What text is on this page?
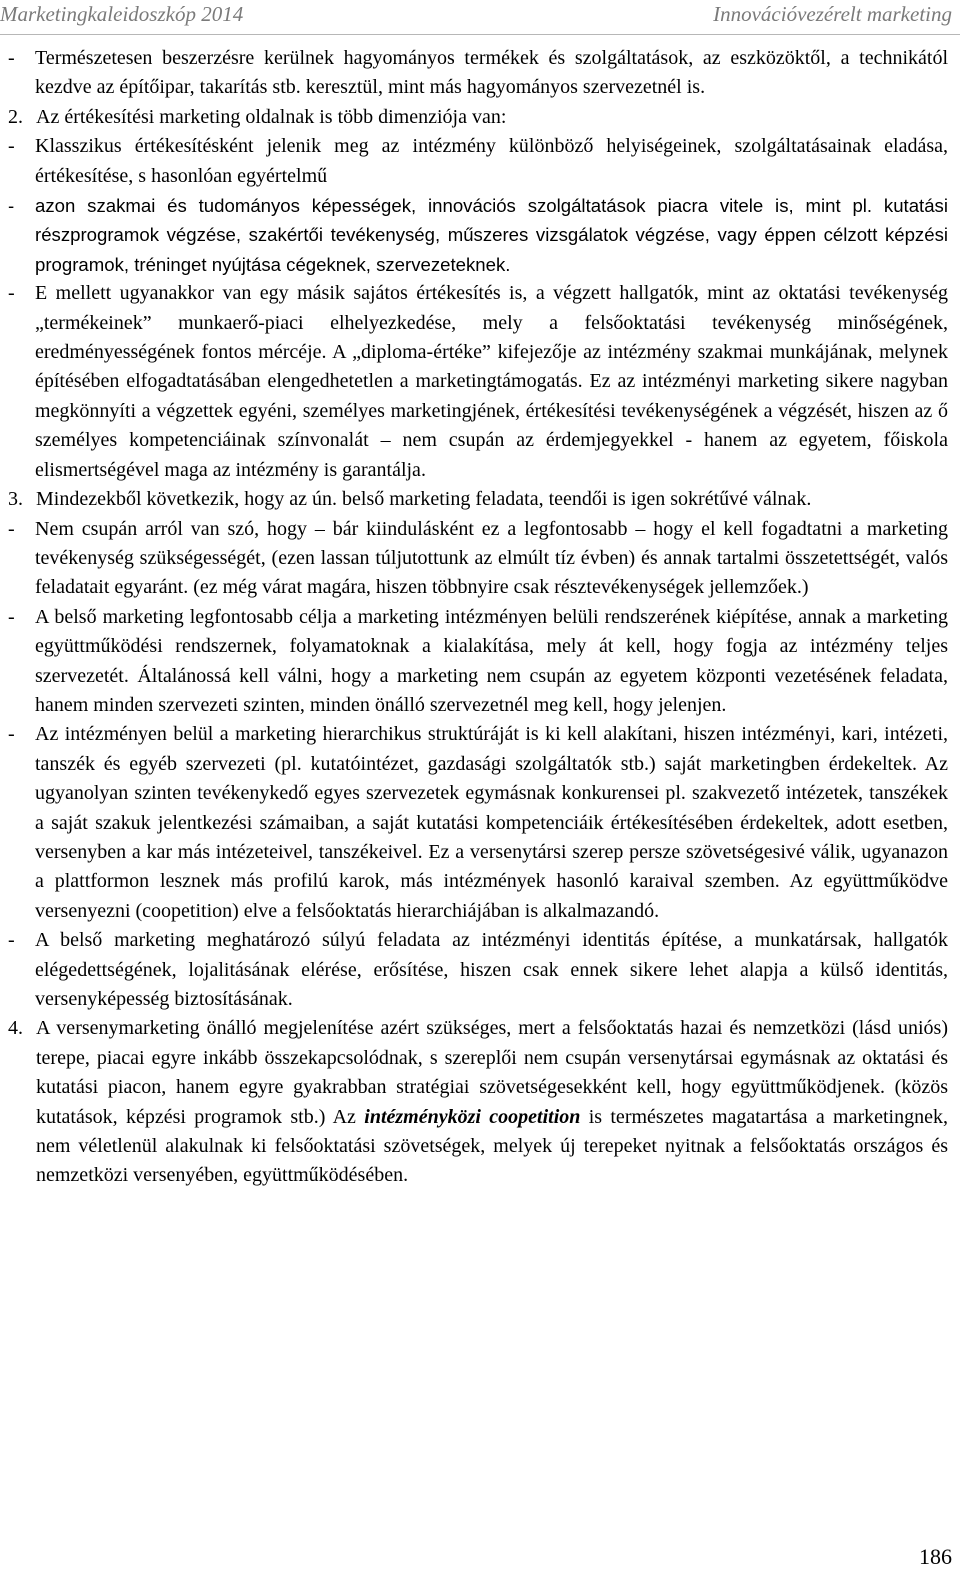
Marketingkaleidoszkóp 2014	Innovációvezérelt marketing
- Természetesen beszerzésre kerülnek hagyományos termékek és szolgáltatások, az eszközöktől, a technikától kezdve az építőipar, takarítás stb. keresztül, mint más hagyományos szervezetnél is.
2. Az értékesítési marketing oldalnak is több dimenziója van:
- Klasszikus értékesítésként jelenik meg az intézmény különböző helyiségeinek, szolgáltatásainak eladása, értékesítése, s hasonlóan egyértelmű
- azon szakmai és tudományos képességek, innovációs szolgáltatások piacra vitele is, mint pl. kutatási részprogramok végzése, szakértői tevékenység, műszeres vizsgálatok végzése, vagy éppen célzott képzési programok, tréninget nyújtása cégeknek, szervezeteknek.
- E mellett ugyanakkor van egy másik sajátos értékesítés is, a végzett hallgatók, mint az oktatási tevékenység „termékeinek” munkaerő-piaci elhelyezkedése, mely a felsőoktatási tevékenység minőségének, eredményességének fontos mércéje. A „diploma-értéke” kifejezője az intézmény szakmai munkájának, melynek építésében elfogadtatásában elengedhetetlen a marketingtámogatás. Ez az intézményi marketing sikere nagyban megkönnyíti a végzettek egyéni, személyes marketingjének, értékesítési tevékenységének a végzését, hiszen az ő személyes kompetenciáinak színvonalát – nem csupán az érdemjegyekkel - hanem az egyetem, főiskola elismertségével maga az intézmény is garantálja.
3. Mindezekből következik, hogy az ún. belső marketing feladata, teendői is igen sokrétűvé válnak.
- Nem csupán arról van szó, hogy – bár kiindulásként ez a legfontosabb – hogy el kell fogadtatni a marketing tevékenység szükségességét, (ezen lassan túljutottunk az elmúlt tíz évben) és annak tartalmi összetettségét, valós feladatait egyaránt. (ez még várat magára, hiszen többnyire csak résztevékenységek jellemzőek.)
- A belső marketing legfontosabb célja a marketing intézményen belüli rendszerének kiépítése, annak a marketing együttműködési rendszernek, folyamatoknak a kialakítása, mely át kell, hogy fogja az intézmény teljes szervezetét. Általánossá kell válni, hogy a marketing nem csupán az egyetem központi vezetésének feladata, hanem minden szervezeti szinten, minden önálló szervezetnél meg kell, hogy jelenjen.
- Az intézményen belül a marketing hierarchikus struktúráját is ki kell alakítani, hiszen intézményi, kari, intézeti, tanszék és egyéb szervezeti (pl. kutatóintézet, gazdasági szolgáltatók stb.) saját marketingben érdekeltek. Az ugyanolyan szinten tevékenykedő egyes szervezetek egymásnak konkurensei pl. szakvezető intézetek, tanszékek a saját szakuk jelentkezési számaiban, a saját kutatási kompetenciáik értékesítésében érdekeltek, adott esetben, versenyben a kar más intézeteivel, tanszékeivel. Ez a versenytársi szerep persze szövetségesivé válik, ugyanazon a plattformon lesznek más profilú karok, más intézmények hasonló karaival szemben. Az együttműködve versenyezni (coopetition) elve a felsőoktatás hierarchiájában is alkalmazandó.
- A belső marketing meghatározó súlyú feladata az intézményi identitás építése, a munkatársak, hallgatók elégedettségének, lojalitásának elérése, erősítése, hiszen csak ennek sikere lehet alapja a külső identitás, versenyképesség biztosításának.
4. A versenymarketing önálló megjelenítése azért szükséges, mert a felsőoktatás hazai és nemzetközi (lásd uniós) terepe, piacai egyre inkább összekapcsolódnak, s szereplői nem csupán versenytársai egymásnak az oktatási és kutatási piacon, hanem egyre gyakrabban stratégiai szövetségesekként kell, hogy együttműködjenek. (közös kutatások, képzési programok stb.) Az intézményközi coopetition is természetes magatartása a marketingnek, nem véletlenül alakulnak ki felsőoktatási szövetségek, melyek új terepeket nyitnak a felsőoktatás országos és nemzetközi versenyében, együttműködésében.
186
